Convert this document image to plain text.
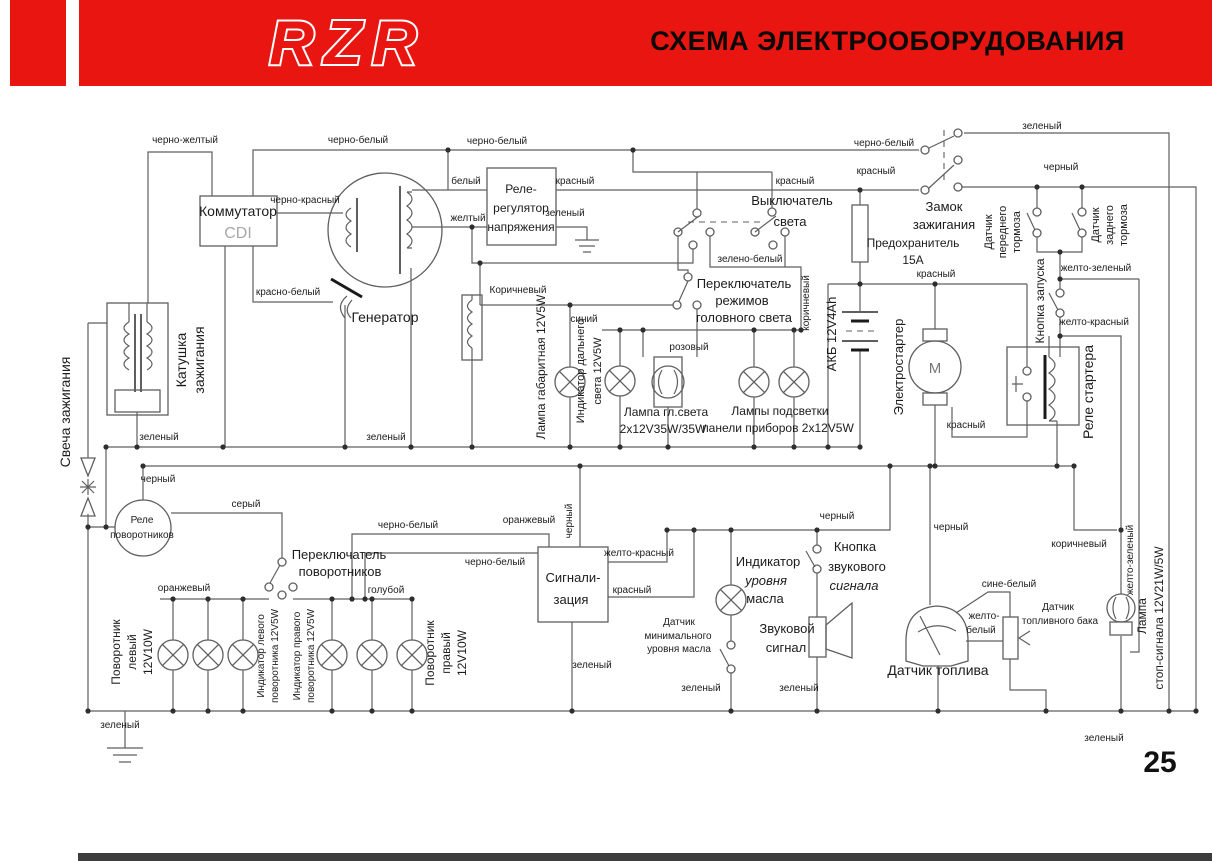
RZR	СХЕМА ЭЛЕКТРООБОРУДОВАНИЯ
черно-желтый	черно-белый	черно-белый	черно-белый
зеленый
черный
красный
белый	красный	красный
черно-красный
зеленый
желтый
красно-белый
зелено-белый
Коричневый
синий
розовый
коричневый
желто-зеленый
красный
желто-красный
красный
зеленый	зеленый
черный
серый
черно-белый	оранжевый черный
желто-красный
черно-белый
красный
оранжевый	голубой
черный
черный
коричневый желто-зеленый
сине-белый
желто-
белый
зеленый
зеленый	зеленый
зеленый
зеленый
Коммутатор
CDI
Реле-
регулятор
напряжения
Генератор
Катушка зажигания
Свеча зажигания
Выключатель
света
Замок
зажигания
Предохранитель
15А
Переключатель
режимов
головного света
Датчик переднего тормоза	Датчик заднего тормоза
АКБ 12V4Ah	Электростартер M
Кнопка запуска
Реле стартера
Лампа габаритная 12V5W Индикатор дальнего света 12V5W
Лампа гл.света
2x12V35W/35W
Лампы подсветки
панели приборов 2x12V5W
Реле
поворотников
Переключатель
поворотников
Поворотник левый 12V10W	Индикатор левого поворотника 12V5W Индикатор правого поворотника 12V5W	Поворотник правый 12V10W
Сигнали-
зация
Индикатор
уровня
масла
Датчик
минимального
уровня масла
Звуковой
сигнал
Кнопка
звукового
сигнала
Датчик топлива
Датчик
топливного бака	Лампа стоп-сигнала 12V21W/5W
25
